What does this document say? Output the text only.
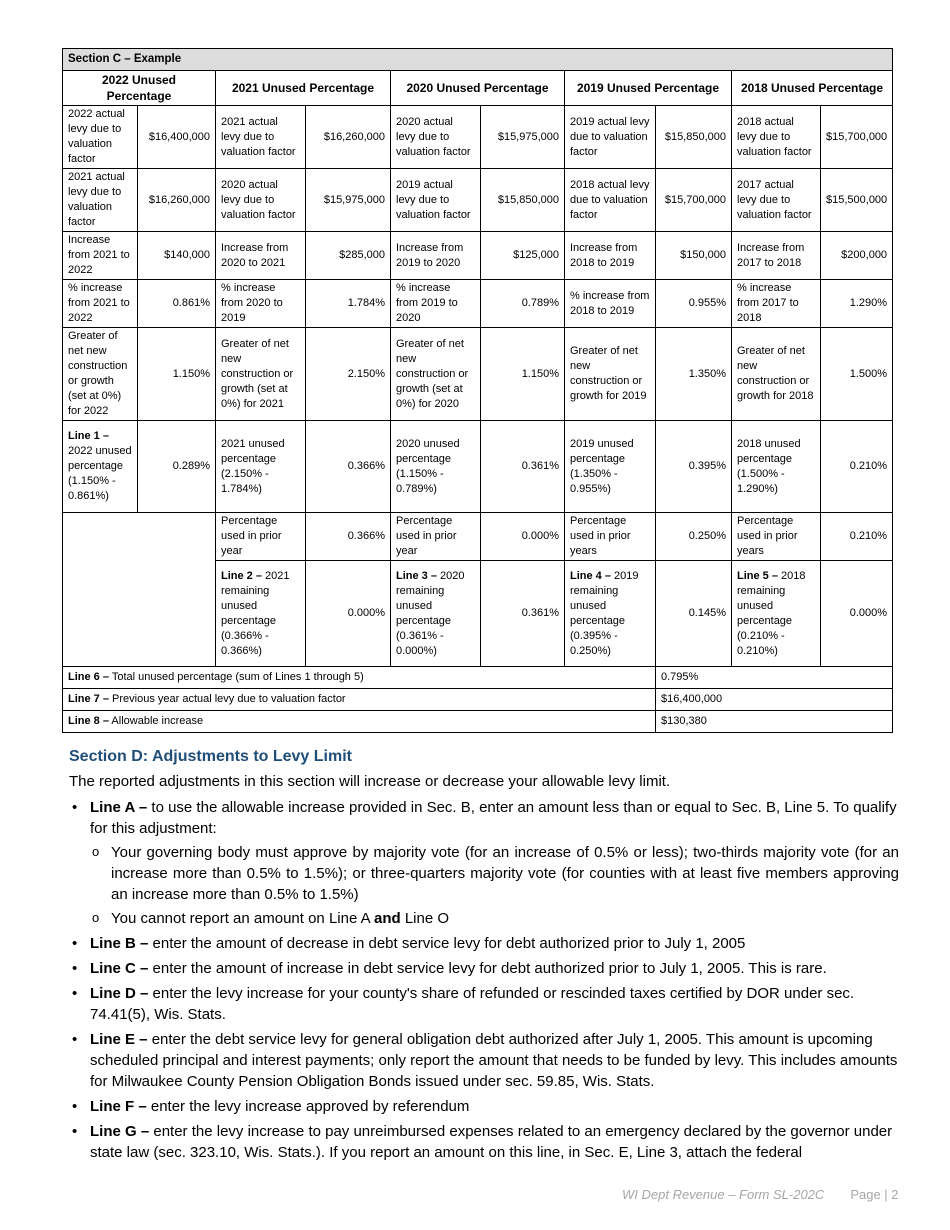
Section C – Example									
2022 Unused Percentage		2021 Unused Percentage		2020 Unused Percentage		2019 Unused Percentage		2018 Unused Percentage	
2022 actual levy due to valuation factor	$16,400,000	2021 actual levy due to valuation factor	$16,260,000	2020 actual levy due to valuation factor	$15,975,000	2019 actual levy due to valuation factor	$15,850,000	2018 actual levy due to valuation factor	$15,700,000
2021 actual levy due to valuation factor	$16,260,000	2020 actual levy due to valuation factor	$15,975,000	2019 actual levy due to valuation factor	$15,850,000	2018 actual levy due to valuation factor	$15,700,000	2017 actual levy due to valuation factor	$15,500,000
Increase from 2021 to 2022	$140,000	Increase from 2020 to 2021	$285,000	Increase from 2019 to 2020	$125,000	Increase from 2018 to 2019	$150,000	Increase from 2017 to 2018	$200,000
% increase from 2021 to 2022	0.861%	% increase from 2020 to 2019	1.784%	% increase from 2019 to 2020	0.789%	% increase from 2018 to 2019	0.955%	% increase from 2017 to 2018	1.290%
Greater of net new construction or growth (set at 0%) for 2022	1.150%	Greater of net new construction or growth (set at 0%) for 2021	2.150%	Greater of net new construction or growth (set at 0%) for 2020	1.150%	Greater of net new construction or growth for 2019	1.350%	Greater of net new construction or growth for 2018	1.500%
Line 1 – 2022 unused percentage (1.150% - 0.861%)	0.289%	2021 unused percentage (2.150% - 1.784%)	0.366%	2020 unused percentage (1.150% - 0.789%)	0.361%	2019 unused percentage (1.350% - 0.955%)	0.395%	2018 unused percentage (1.500% - 1.290%)	0.210%
		Percentage used in prior year	0.366%	Percentage used in prior year	0.000%	Percentage used in prior years	0.250%	Percentage used in prior years	0.210%
		Line 2 – 2021 remaining unused percentage (0.366% - 0.366%)	0.000%	Line 3 – 2020 remaining unused percentage (0.361% - 0.000%)	0.361%	Line 4 – 2019 remaining unused percentage (0.395% - 0.250%)	0.145%	Line 5 – 2018 remaining unused percentage (0.210% - 0.210%)	0.000%
Line 6 – Total unused percentage (sum of Lines 1 through 5)							0.795%		
Line 7 – Previous year actual levy due to valuation factor							$16,400,000		
Line 8 – Allowable increase							$130,380		
Section D: Adjustments to Levy Limit
The reported adjustments in this section will increase or decrease your allowable levy limit.
• Line A – to use the allowable increase provided in Sec. B, enter an amount less than or equal to Sec. B, Line 5. To qualify for this adjustment:
o Your governing body must approve by majority vote (for an increase of 0.5% or less); two-thirds majority vote (for an increase more than 0.5% to 1.5%); or three-quarters majority vote (for counties with at least five members approving an increase more than 0.5% to 1.5%)
o You cannot report an amount on Line A and Line O
• Line B – enter the amount of decrease in debt service levy for debt authorized prior to July 1, 2005
• Line C – enter the amount of increase in debt service levy for debt authorized prior to July 1, 2005. This is rare.
• Line D – enter the levy increase for your county's share of refunded or rescinded taxes certified by DOR under sec. 74.41(5), Wis. Stats.
• Line E – enter the debt service levy for general obligation debt authorized after July 1, 2005. This amount is upcoming scheduled principal and interest payments; only report the amount that needs to be funded by levy. This includes amounts for Milwaukee County Pension Obligation Bonds issued under sec. 59.85, Wis. Stats.
• Line F – enter the levy increase approved by referendum
• Line G – enter the levy increase to pay unreimbursed expenses related to an emergency declared by the governor under state law (sec. 323.10, Wis. Stats.). If you report an amount on this line, in Sec. E, Line 3, attach the federal
WI Dept Revenue – Form SL-202C Page | 2
